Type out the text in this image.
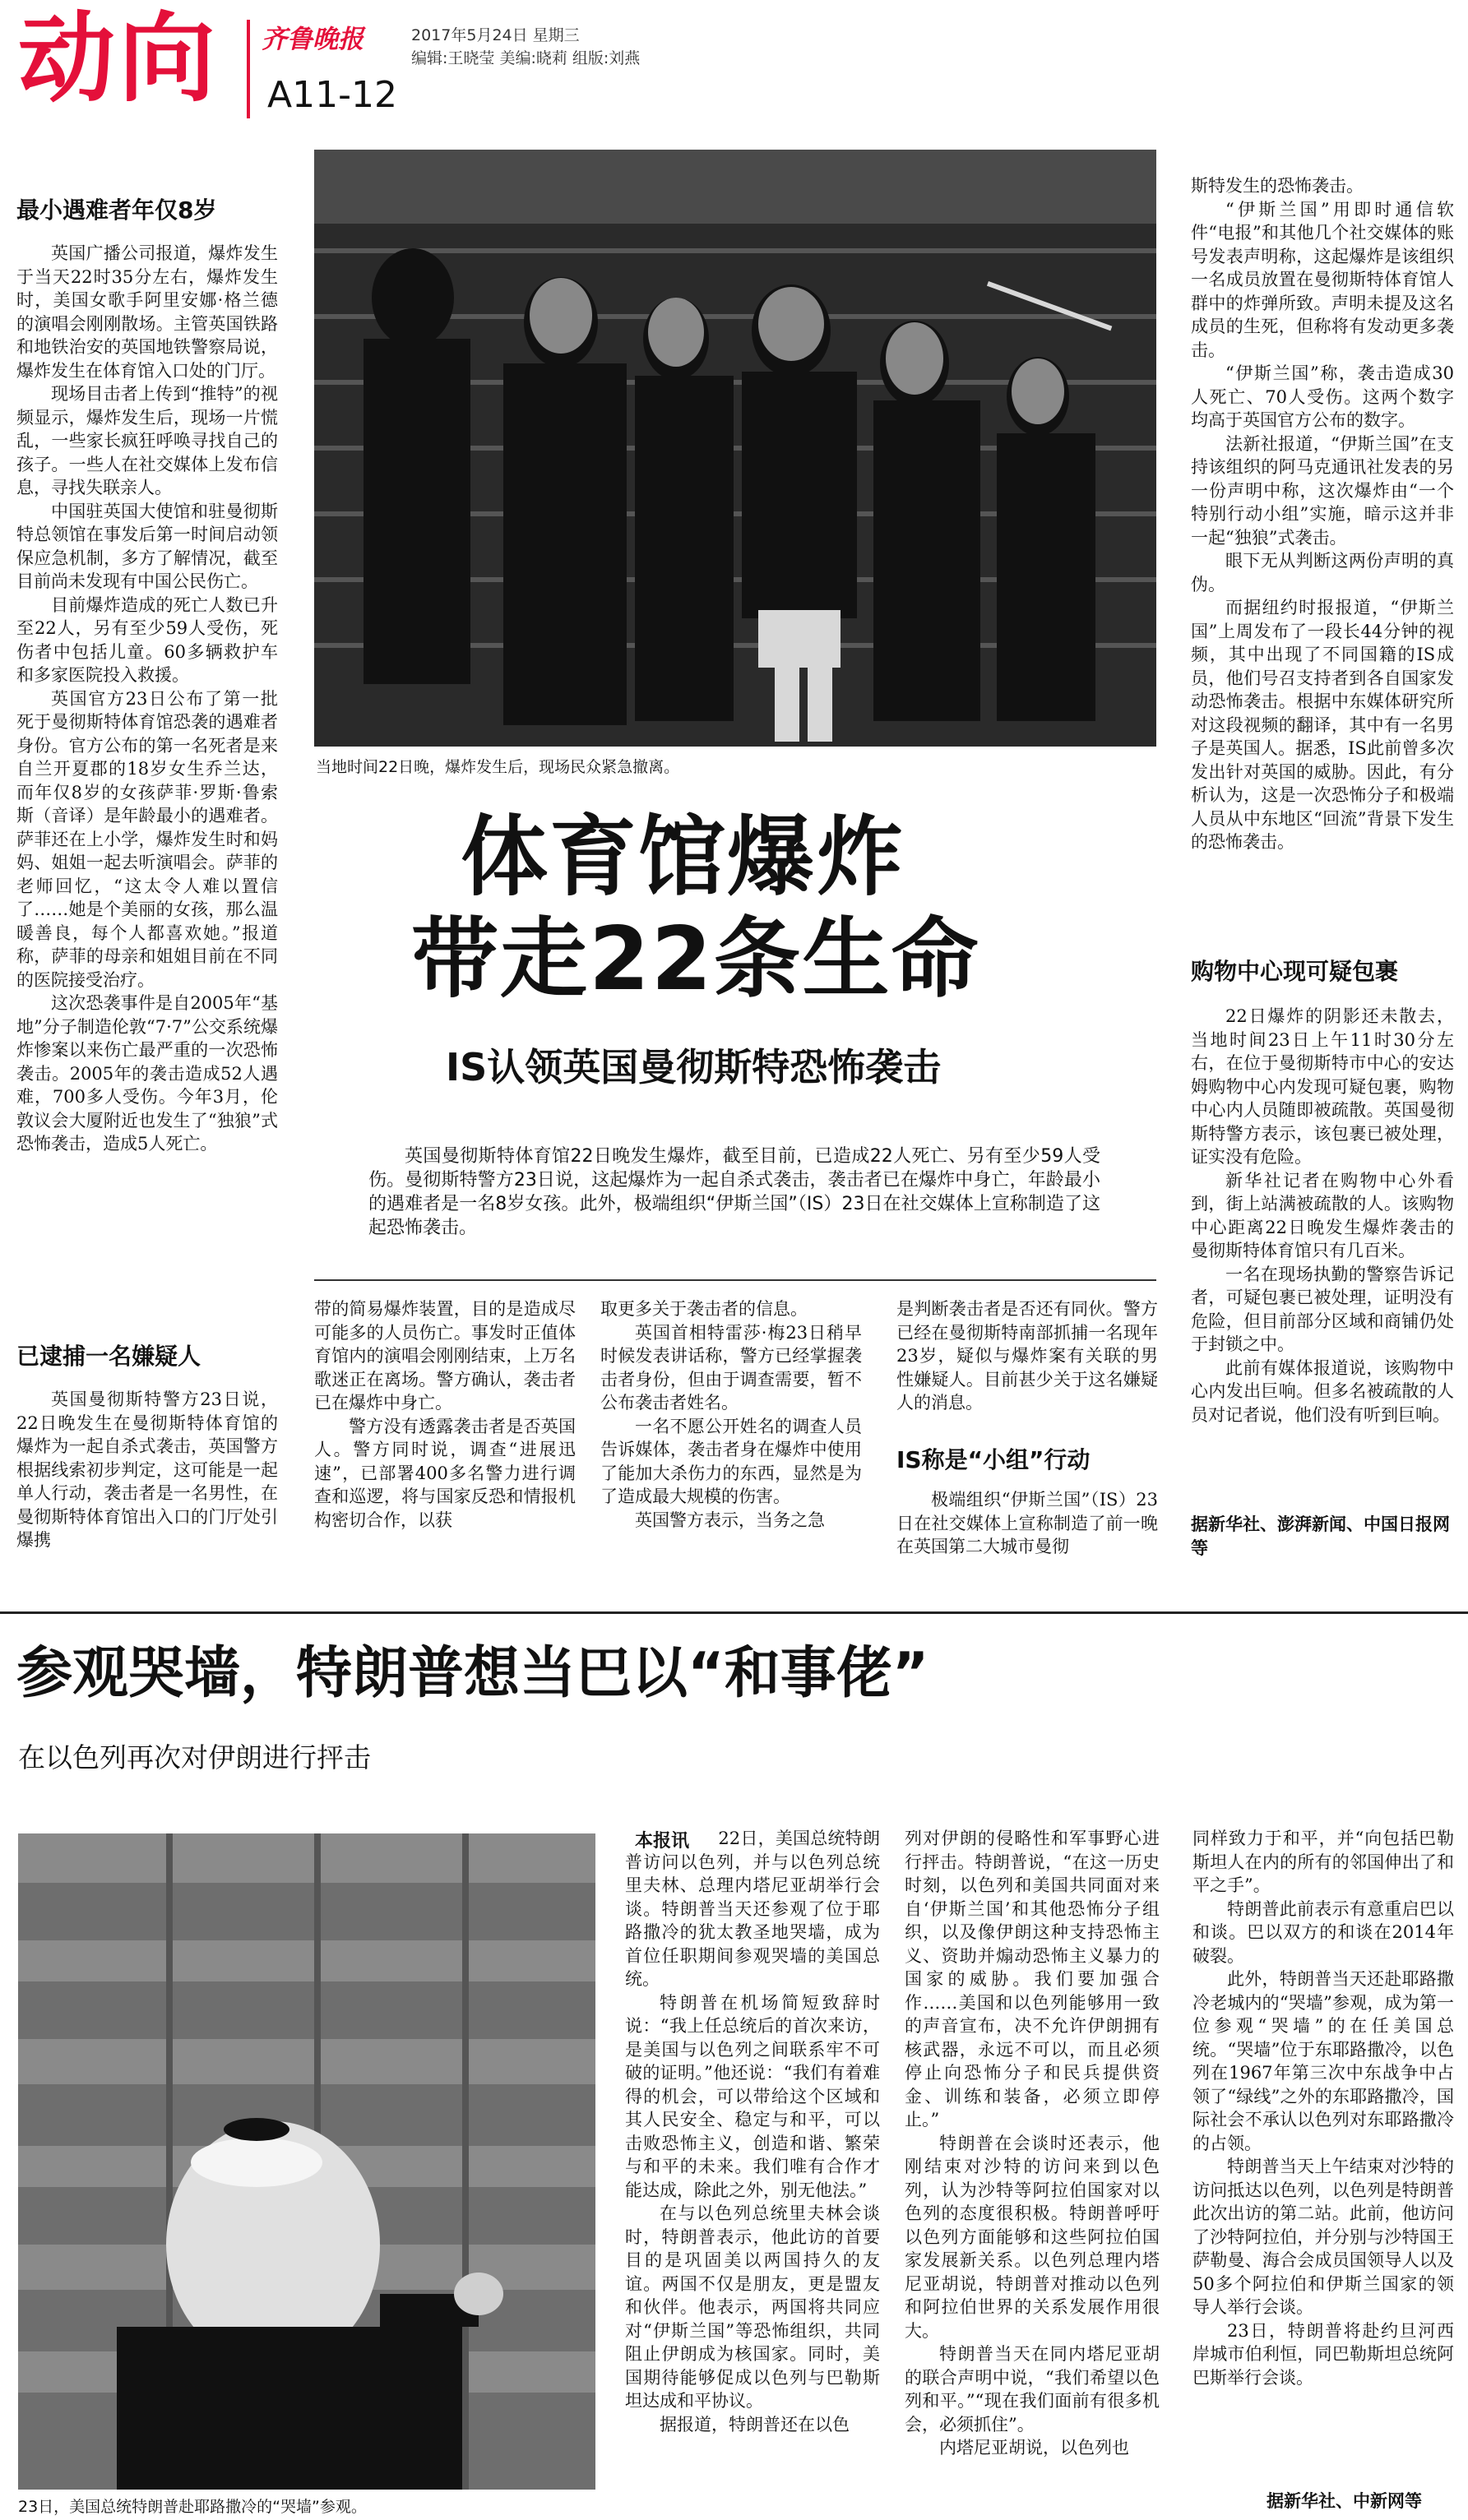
动向 齐鲁晚报	2017年5月24日 星期三
编辑:王晓莹 美编:晓莉 组版:刘燕
A11-12
最小遇难者年仅8岁

英国广播公司报道，爆炸发生于当天22时35分左右，爆炸发生时，美国女歌手阿里安娜·格兰德的演唱会刚刚散场。主管英国铁路和地铁治安的英国地铁警察局说，爆炸发生在体育馆入口处的门厅。

现场目击者上传到“推特”的视频显示，爆炸发生后，现场一片慌乱，一些家长疯狂呼唤寻找自己的孩子。一些人在社交媒体上发布信息，寻找失联亲人。

中国驻英国大使馆和驻曼彻斯特总领馆在事发后第一时间启动领保应急机制，多方了解情况，截至目前尚未发现有中国公民伤亡。

目前爆炸造成的死亡人数已升至22人，另有至少59人受伤，死伤者中包括儿童。60多辆救护车和多家医院投入救援。

英国官方23日公布了第一批死于曼彻斯特体育馆恐袭的遇难者身份。官方公布的第一名死者是来自兰开夏郡的18岁女生乔兰达，而年仅8岁的女孩萨菲·罗斯·鲁索斯（音译）是年龄最小的遇难者。萨菲还在上小学，爆炸发生时和妈妈、姐姐一起去听演唱会。萨菲的老师回忆，“这太令人难以置信了……她是个美丽的女孩，那么温暖善良，每个人都喜欢她。”报道称，萨菲的母亲和姐姐目前在不同的医院接受治疗。

这次恐袭事件是自2005年“基地”分子制造伦敦“7·7”公交系统爆炸惨案以来伤亡最严重的一次恐怖袭击。2005年的袭击造成52人遇难，700多人受伤。今年3月，伦敦议会大厦附近也发生了“独狼”式恐怖袭击，造成5人死亡。

已逮捕一名嫌疑人

英国曼彻斯特警方23日说，22日晚发生在曼彻斯特体育馆的爆炸为一起自杀式袭击，英国警方根据线索初步判定，这可能是一起单人行动，袭击者是一名男性，在曼彻斯特体育馆出入口的门厅处引爆携

当地时间22日晚，爆炸发生后，现场民众紧急撤离。
体育馆爆炸
带走22条生命
IS认领英国曼彻斯特恐怖袭击
英国曼彻斯特体育馆22日晚发生爆炸，截至目前，已造成22人死亡、另有至少59人受伤。曼彻斯特警方23日说，这起爆炸为一起自杀式袭击，袭击者已在爆炸中身亡，年龄最小的遇难者是一名8岁女孩。此外，极端组织“伊斯兰国”（IS）23日在社交媒体上宣称制造了这起恐怖袭击。

带的简易爆炸装置，目的是造成尽可能多的人员伤亡。事发时正值体育馆内的演唱会刚刚结束，上万名歌迷正在离场。警方确认，袭击者已在爆炸中身亡。

警方没有透露袭击者是否英国人。警方同时说，调查“进展迅速”，已部署400多名警力进行调查和巡逻，将与国家反恐和情报机构密切合作，以获

取更多关于袭击者的信息。

英国首相特雷莎·梅23日稍早时候发表讲话称，警方已经掌握袭击者身份，但由于调查需要，暂不公布袭击者姓名。

一名不愿公开姓名的调查人员告诉媒体，袭击者身在爆炸中使用了能加大杀伤力的东西，显然是为了造成最大规模的伤害。

英国警方表示，当务之急

是判断袭击者是否还有同伙。警方已经在曼彻斯特南部抓捕一名现年23岁，疑似与爆炸案有关联的男性嫌疑人。目前甚少关于这名嫌疑人的消息。

IS称是“小组”行动

极端组织“伊斯兰国”（IS）23日在社交媒体上宣称制造了前一晚在英国第二大城市曼彻

斯特发生的恐怖袭击。

“伊斯兰国”用即时通信软件“电报”和其他几个社交媒体的账号发表声明称，这起爆炸是该组织一名成员放置在曼彻斯特体育馆人群中的炸弹所致。声明未提及这名成员的生死，但称将有发动更多袭击。

“伊斯兰国”称，袭击造成30人死亡、70人受伤。这两个数字均高于英国官方公布的数字。

法新社报道，“伊斯兰国”在支持该组织的阿马克通讯社发表的另一份声明中称，这次爆炸由“一个特别行动小组”实施，暗示这并非一起“独狼”式袭击。

眼下无从判断这两份声明的真伪。

而据纽约时报报道，“伊斯兰国”上周发布了一段长44分钟的视频，其中出现了不同国籍的IS成员，他们号召支持者到各自国家发动恐怖袭击。根据中东媒体研究所对这段视频的翻译，其中有一名男子是英国人。据悉，IS此前曾多次发出针对英国的威胁。因此，有分析认为，这是一次恐怖分子和极端人员从中东地区“回流”背景下发生的恐怖袭击。

购物中心现可疑包裹

22日爆炸的阴影还未散去，当地时间23日上午11时30分左右，在位于曼彻斯特市中心的安达姆购物中心内发现可疑包裹，购物中心内人员随即被疏散。英国曼彻斯特警方表示，该包裹已被处理，证实没有危险。

新华社记者在购物中心外看到，街上站满被疏散的人。该购物中心距离22日晚发生爆炸袭击的曼彻斯特体育馆只有几百米。

一名在现场执勤的警察告诉记者，可疑包裹已被处理，证明没有危险，但目前部分区域和商铺仍处于封锁之中。

此前有媒体报道说，该购物中心内发出巨响。但多名被疏散的人员对记者说，他们没有听到巨响。

据新华社、澎湃新闻、中国日报网等
参观哭墙，特朗普想当巴以“和事佬”
在以色列再次对伊朗进行抨击
23日，美国总统特朗普赴耶路撒冷的“哭墙”参观。
本报讯	22日，美国总统特朗普访问以色列，并与以色列总统里夫林、总理内塔尼亚胡举行会谈。特朗普当天还参观了位于耶路撒冷的犹太教圣地哭墙，成为首位任职期间参观哭墙的美国总统。

特朗普在机场简短致辞时说：“我上任总统后的首次来访，是美国与以色列之间联系牢不可破的证明。”他还说：“我们有着难得的机会，可以带给这个区域和其人民安全、稳定与和平，可以击败恐怖主义，创造和谐、繁荣与和平的未来。我们唯有合作才能达成，除此之外，别无他法。”

在与以色列总统里夫林会谈时，特朗普表示，他此访的首要目的是巩固美以两国持久的友谊。两国不仅是朋友，更是盟友和伙伴。他表示，两国将共同应对“伊斯兰国”等恐怖组织，共同阻止伊朗成为核国家。同时，美国期待能够促成以色列与巴勒斯坦达成和平协议。

据报道，特朗普还在以色

列对伊朗的侵略性和军事野心进行抨击。特朗普说，“在这一历史时刻，以色列和美国共同面对来自‘伊斯兰国’和其他恐怖分子组织，以及像伊朗这种支持恐怖主义、资助并煽动恐怖主义暴力的国家的威胁。我们要加强合作……美国和以色列能够用一致的声音宣布，决不允许伊朗拥有核武器，永远不可以，而且必须停止向恐怖分子和民兵提供资金、训练和装备，必须立即停止。”

特朗普在会谈时还表示，他刚结束对沙特的访问来到以色列，认为沙特等阿拉伯国家对以色列的态度很积极。特朗普呼吁以色列方面能够和这些阿拉伯国家发展新关系。以色列总理内塔尼亚胡说，特朗普对推动以色列和阿拉伯世界的关系发展作用很大。

特朗普当天在同内塔尼亚胡的联合声明中说，“我们希望以色列和平。”“现在我们面前有很多机会，必须抓住”。

内塔尼亚胡说，以色列也

同样致力于和平，并“向包括巴勒斯坦人在内的所有的邻国伸出了和平之手”。

特朗普此前表示有意重启巴以和谈。巴以双方的和谈在2014年破裂。

此外，特朗普当天还赴耶路撒冷老城内的“哭墙”参观，成为第一位参观“哭墙”的在任美国总统。“哭墙”位于东耶路撒冷，以色列在1967年第三次中东战争中占领了“绿线”之外的东耶路撒冷，国际社会不承认以色列对东耶路撒冷的占领。

特朗普当天上午结束对沙特的访问抵达以色列，以色列是特朗普此次出访的第二站。此前，他访问了沙特阿拉伯，并分别与沙特国王萨勒曼、海合会成员国领导人以及50多个阿拉伯和伊斯兰国家的领导人举行会谈。

23日，特朗普将赴约旦河西岸城市伯利恒，同巴勒斯坦总统阿巴斯举行会谈。

据新华社、中新网等
